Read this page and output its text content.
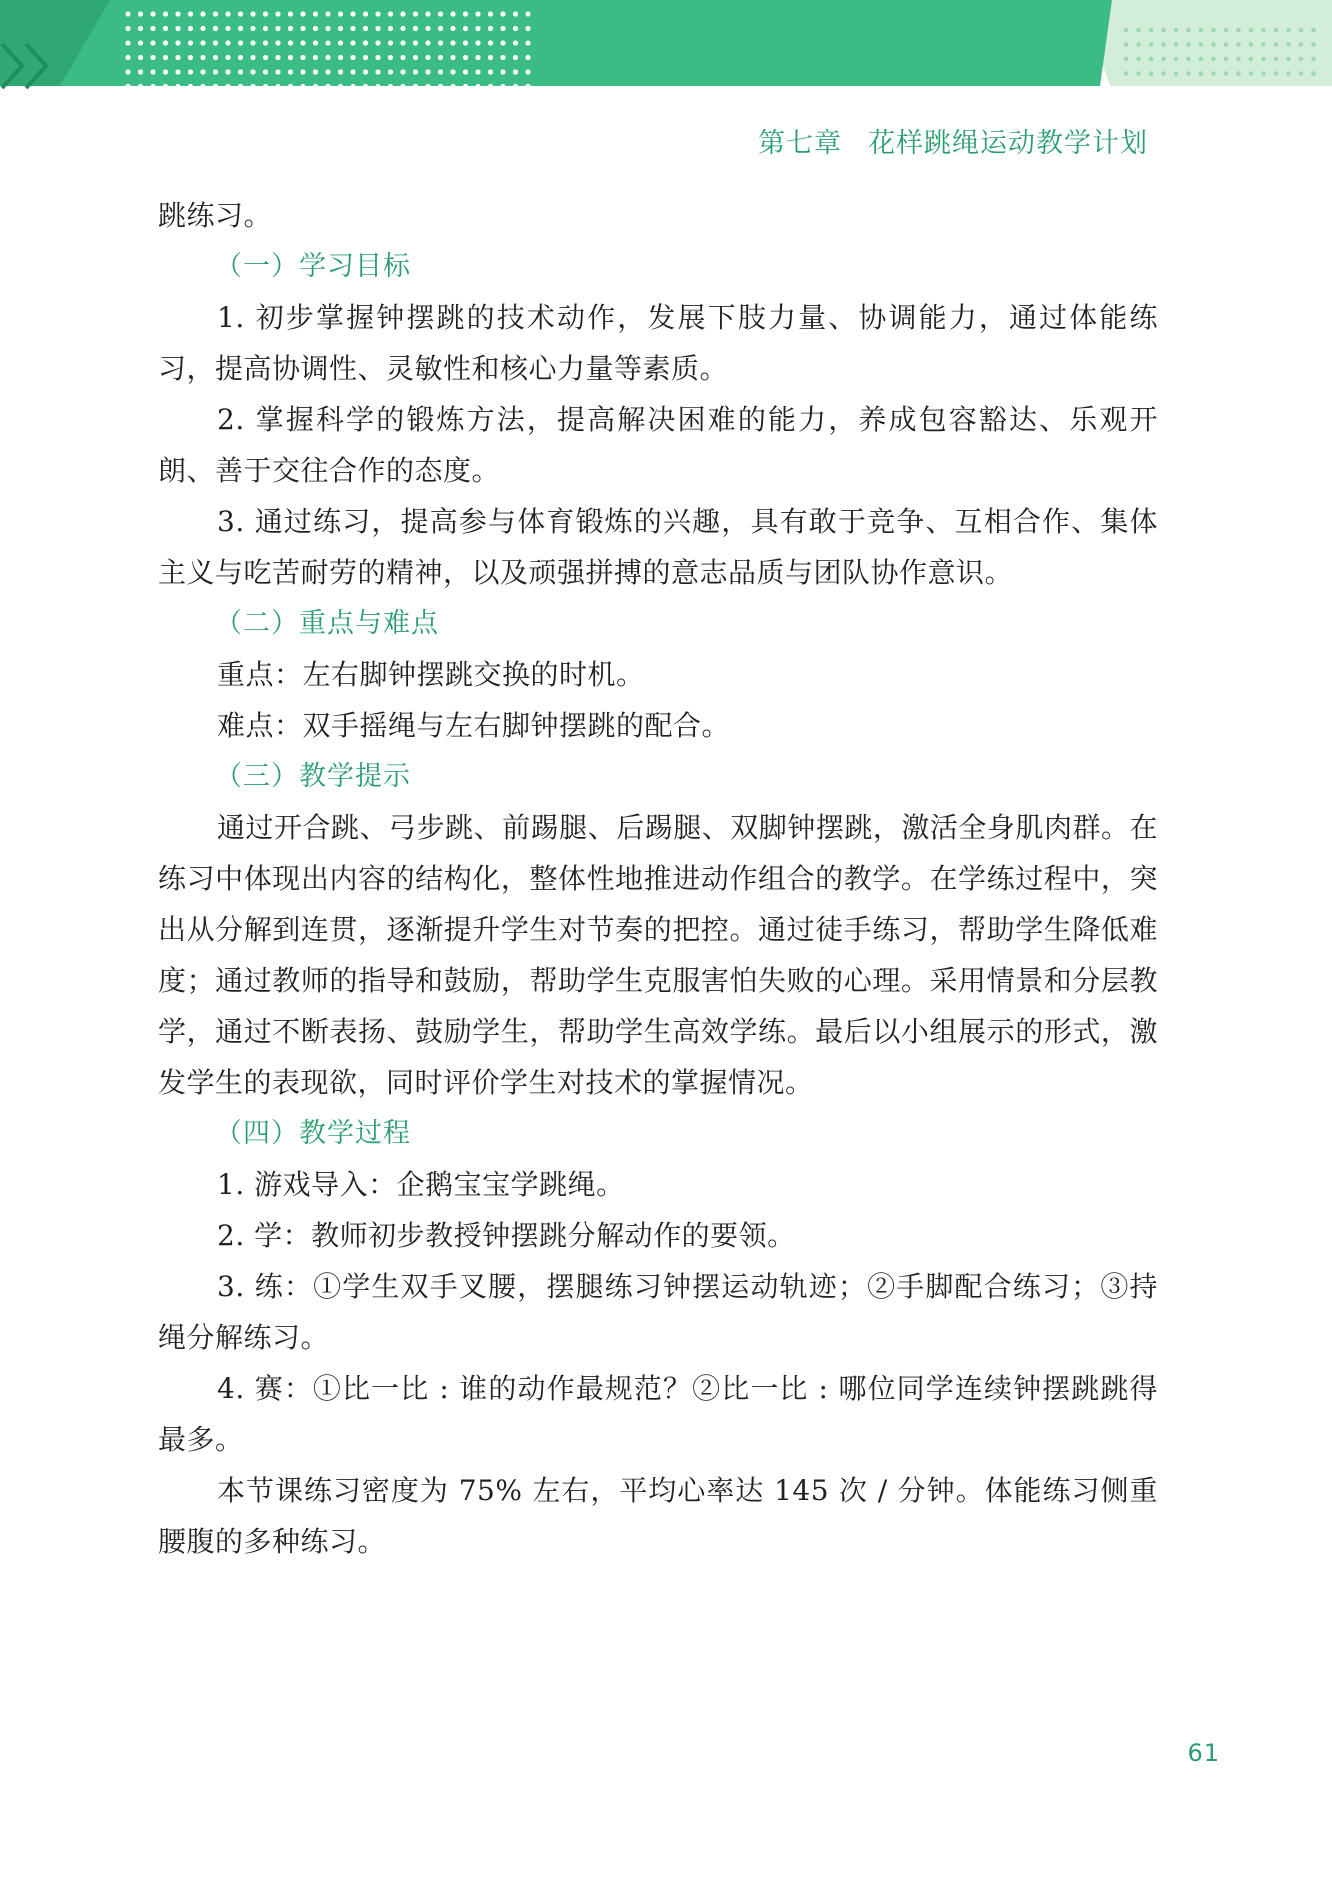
第七章 花样跳绳运动教学计划

跳练习。

（一）学习目标

1. 初步掌握钟摆跳的技术动作，发展下肢力量、协调能力，通过体能练习，提高协调性、灵敏性和核心力量等素质。

2. 掌握科学的锻炼方法，提高解决困难的能力，养成包容豁达、乐观开朗、善于交往合作的态度。

3. 通过练习，提高参与体育锻炼的兴趣，具有敢于竞争、互相合作、集体主义与吃苦耐劳的精神，以及顽强拼搏的意志品质与团队协作意识。

（二）重点与难点

重点：左右脚钟摆跳交换的时机。

难点：双手摇绳与左右脚钟摆跳的配合。

（三）教学提示

通过开合跳、弓步跳、前踢腿、后踢腿、双脚钟摆跳，激活全身肌肉群。在练习中体现出内容的结构化，整体性地推进动作组合的教学。在学练过程中，突出从分解到连贯，逐渐提升学生对节奏的把控。通过徒手练习，帮助学生降低难度；通过教师的指导和鼓励，帮助学生克服害怕失败的心理。采用情景和分层教学，通过不断表扬、鼓励学生，帮助学生高效学练。最后以小组展示的形式，激发学生的表现欲，同时评价学生对技术的掌握情况。

（四）教学过程

1. 游戏导入：企鹅宝宝学跳绳。

2. 学：教师初步教授钟摆跳分解动作的要领。

3. 练：①学生双手叉腰，摆腿练习钟摆运动轨迹；②手脚配合练习；③持绳分解练习。

4. 赛：①比一比 : 谁的动作最规范？②比一比 : 哪位同学连续钟摆跳跳得最多。

本节课练习密度为 75% 左右，平均心率达 145 次 / 分钟。体能练习侧重腰腹的多种练习。

61
